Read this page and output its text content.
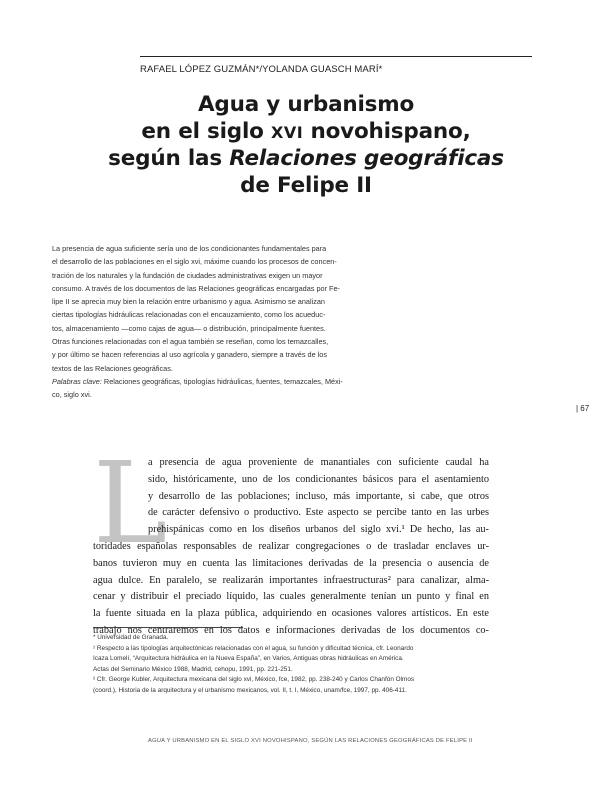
RAFAEL LÓPEZ GUZMÁN*/YOLANDA GUASCH MARÍ*
Agua y urbanismo
en el siglo XVI novohispano,
según las Relaciones geográficas
de Felipe II
La presencia de agua suficiente sería uno de los condicionantes fundamentales para
el desarrollo de las poblaciones en el siglo xvi, máxime cuando los procesos de concen-
tración de los naturales y la fundación de ciudades administrativas exigen un mayor
consumo. A través de los documentos de las Relaciones geográficas encargadas por Fe-
lipe II se aprecia muy bien la relación entre urbanismo y agua. Asimismo se analizan
ciertas tipologías hidráulicas relacionadas con el encauzamiento, como los acueduc-
tos, almacenamiento —como cajas de agua— o distribución, principalmente fuentes.
Otras funciones relacionadas con el agua también se reseñan, como los temazcalles,
y por último se hacen referencias al uso agrícola y ganadero, siempre a través de los
textos de las Relaciones geográficas.
Palabras clave: Relaciones geográficas, tipologías hidráulicas, fuentes, temazcales, Méxi-
co, siglo xvi.
| 67
L
a presencia de agua proveniente de manantiales con suficiente caudal ha
sido, históricamente, uno de los condicionantes básicos para el asentamiento
y desarrollo de las poblaciones; incluso, más importante, si cabe, que otros
de carácter defensivo o productivo. Este aspecto se percibe tanto en las urbes
prehispánicas como en los diseños urbanos del siglo xvi.¹ De hecho, las au-
toridades españolas responsables de realizar congregaciones o de trasladar enclaves ur-
banos tuvieron muy en cuenta las limitaciones derivadas de la presencia o ausencia de
agua dulce. En paralelo, se realizarán importantes infraestructuras² para canalizar, alma-
cenar y distribuir el preciado líquido, las cuales generalmente tenían un punto y final en
la fuente situada en la plaza pública, adquiriendo en ocasiones valores artísticos. En este
trabajo nos centraremos en los datos e informaciones derivadas de los documentos co-
* Universidad de Granada.
¹ Respecto a las tipologías arquitectónicas relacionadas con el agua, su función y dificultad técnica, cfr. Leonardo
Icaza Lomelí, “Arquitectura hidráulica en la Nueva España”, en Varios, Antiguas obras hidráulicas en América.
Actas del Seminario México 1988, Madrid, cehopu, 1991, pp. 221-251.
² Cfr. George Kubler, Arquitectura mexicana del siglo xvi, México, fce, 1982, pp. 238-240 y Carlos Chanfón Olmos
(coord.), Historia de la arquitectura y el urbanismo mexicanos, vol. II, t. I, México, unam/fce, 1997, pp. 406-411.
AGUA Y URBANISMO EN EL SIGLO XVI NOVOHISPANO, SEGÚN LAS RELACIONES GEOGRÁFICAS DE FELIPE II
